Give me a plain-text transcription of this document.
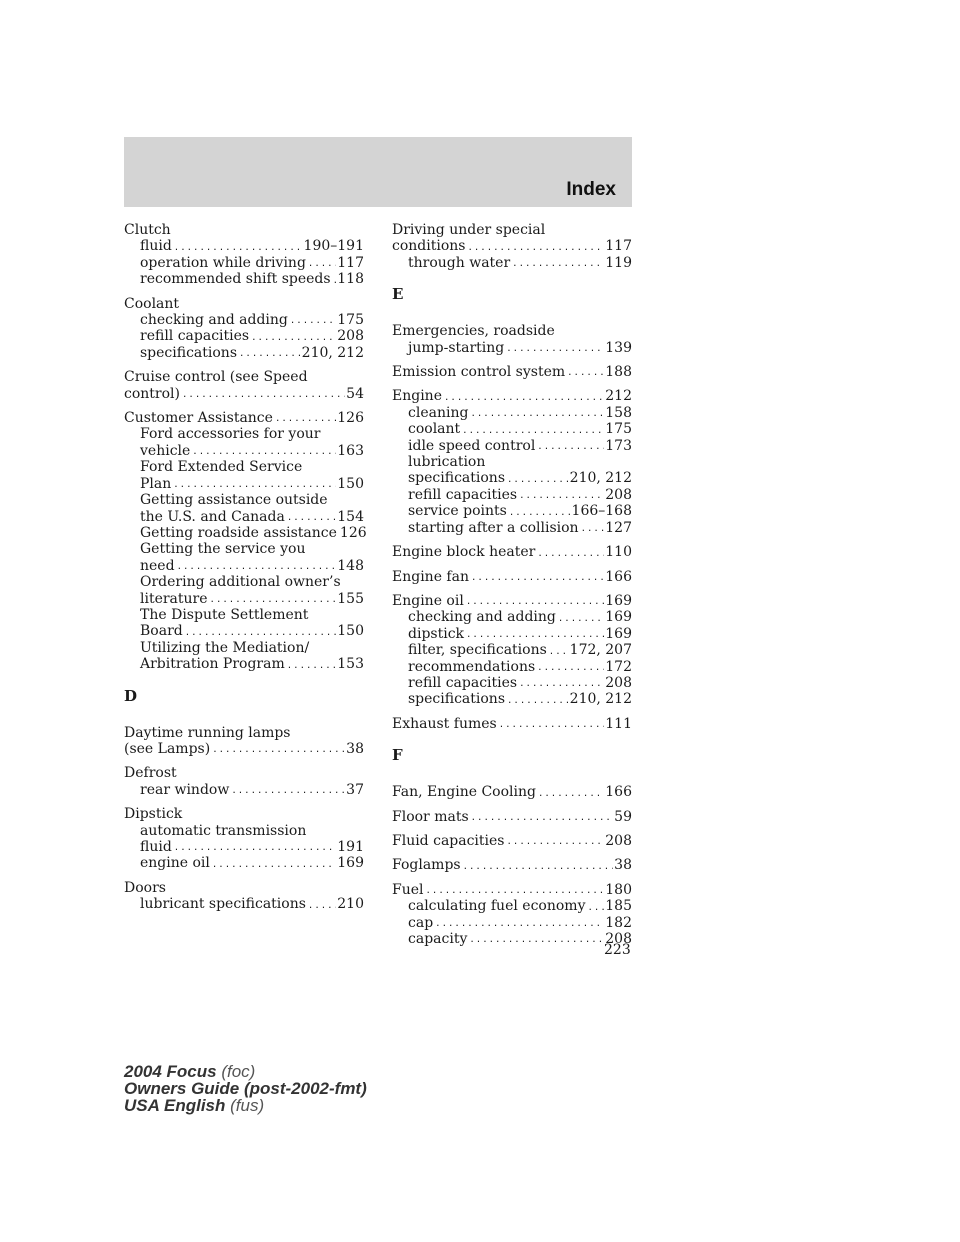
Index
Clutch
fluid .....	190–191
operation while driving ..... 117
recommended shift speeds ..... 118
Coolant
checking and adding .....	175
refill capacities .....	208
specifications .....	210, 212
Cruise control (see Speed
control) .....	54
Customer Assistance .....	126
Ford accessories for your
vehicle .....	163
Ford Extended Service
Plan .....	150
Getting assistance outside
the U.S. and Canada .....	154
Getting roadside assistance ..... 126
Getting the service you
need .....	148
Ordering additional owner’s
literature .....	155
The Dispute Settlement
Board .....	150
Utilizing the Mediation/
Arbitration Program .....	153
D
Daytime running lamps
(see Lamps) .....	38
Defrost
rear window .....	37
Dipstick
automatic transmission
fluid .....	191
engine oil .....	169
Doors
lubricant specifications ..... 210
Driving under special
conditions .....	117
through water .....	119
E
Emergencies, roadside
jump-starting .....	139
Emission control system .....	188
Engine .....	212
cleaning .....	158
coolant .....	175
idle speed control .....	173
lubrication
specifications .....	210, 212
refill capacities .....	208
service points .....	166–168
starting after a collision ..... 127
Engine block heater .....	110
Engine fan .....	166
Engine oil .....	169
checking and adding .....	169
dipstick .....	169
filter, specifications ..... 172, 207
recommendations .....	172
refill capacities .....	208
specifications .....	210, 212
Exhaust fumes .....	111
F
Fan, Engine Cooling .....	166
Floor mats .....	59
Fluid capacities .....	208
Foglamps .....	38
Fuel .....	180
calculating fuel economy ..... 185
cap .....	182
capacity .....	208
223
2004 Focus (foc)
Owners Guide (post-2002-fmt)
USA English (fus)
